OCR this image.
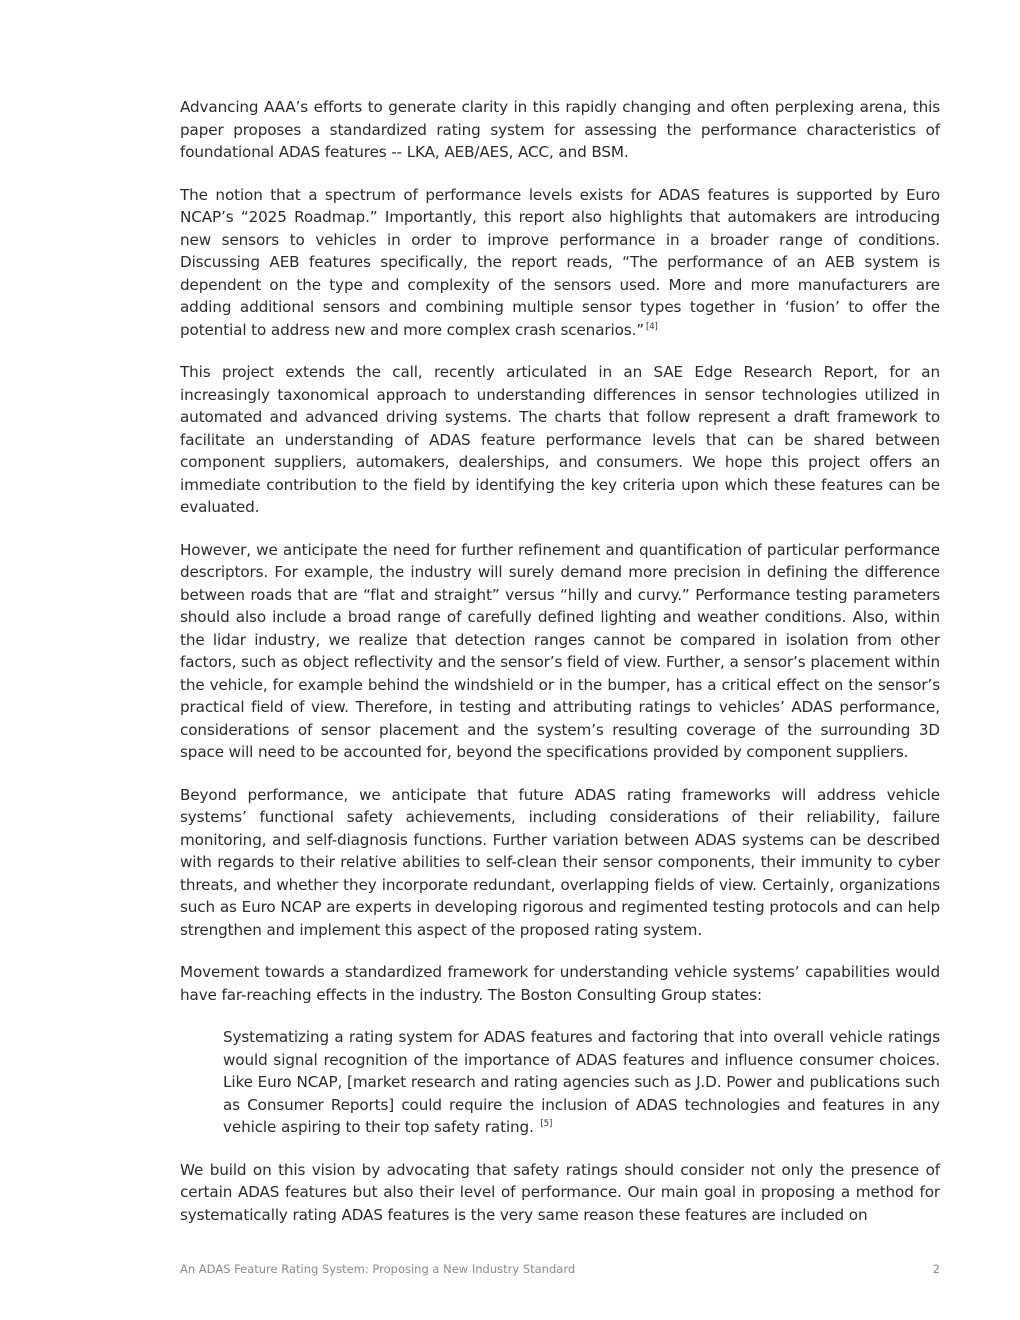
Advancing AAA’s efforts to generate clarity in this rapidly changing and often perplexing arena, this paper proposes a standardized rating system for assessing the performance characteristics of foundational ADAS features -- LKA, AEB/AES, ACC, and BSM.

The notion that a spectrum of performance levels exists for ADAS features is supported by Euro NCAP’s “2025 Roadmap.” Importantly, this report also highlights that automakers are introducing new sensors to vehicles in order to improve performance in a broader range of conditions. Discussing AEB features specifically, the report reads, “The performance of an AEB system is dependent on the type and complexity of the sensors used. More and more manufacturers are adding additional sensors and combining multiple sensor types together in ‘fusion’ to offer the potential to address new and more complex crash scenarios.” [4]

This project extends the call, recently articulated in an SAE Edge Research Report, for an increasingly taxonomical approach to understanding differences in sensor technologies utilized in automated and advanced driving systems. The charts that follow represent a draft framework to facilitate an understanding of ADAS feature performance levels that can be shared between component suppliers, automakers, dealerships, and consumers. We hope this project offers an immediate contribution to the field by identifying the key criteria upon which these features can be evaluated.

However, we anticipate the need for further refinement and quantification of particular performance descriptors. For example, the industry will surely demand more precision in defining the difference between roads that are “flat and straight” versus “hilly and curvy.” Performance testing parameters should also include a broad range of carefully defined lighting and weather conditions. Also, within the lidar industry, we realize that detection ranges cannot be compared in isolation from other factors, such as object reflectivity and the sensor’s field of view. Further, a sensor’s placement within the vehicle, for example behind the windshield or in the bumper, has a critical effect on the sensor’s practical field of view. Therefore, in testing and attributing ratings to vehicles’ ADAS performance, considerations of sensor placement and the system’s resulting coverage of the surrounding 3D space will need to be accounted for, beyond the specifications provided by component suppliers.

Beyond performance, we anticipate that future ADAS rating frameworks will address vehicle systems’ functional safety achievements, including considerations of their reliability, failure monitoring, and self-diagnosis functions. Further variation between ADAS systems can be described with regards to their relative abilities to self-clean their sensor components, their immunity to cyber threats, and whether they incorporate redundant, overlapping fields of view. Certainly, organizations such as Euro NCAP are experts in developing rigorous and regimented testing protocols and can help strengthen and implement this aspect of the proposed rating system.

Movement towards a standardized framework for understanding vehicle systems’ capabilities would have far-reaching effects in the industry. The Boston Consulting Group states:

Systematizing a rating system for ADAS features and factoring that into overall vehicle ratings would signal recognition of the importance of ADAS features and influence consumer choices. Like Euro NCAP, [market research and rating agencies such as J.D. Power and publications such as Consumer Reports] could require the inclusion of ADAS technologies and features in any vehicle aspiring to their top safety rating. [5]

We build on this vision by advocating that safety ratings should consider not only the presence of certain ADAS features but also their level of performance. Our main goal in proposing a method for systematically rating ADAS features is the very same reason these features are included on

An ADAS Feature Rating System: Proposing a New Industry Standard	2
